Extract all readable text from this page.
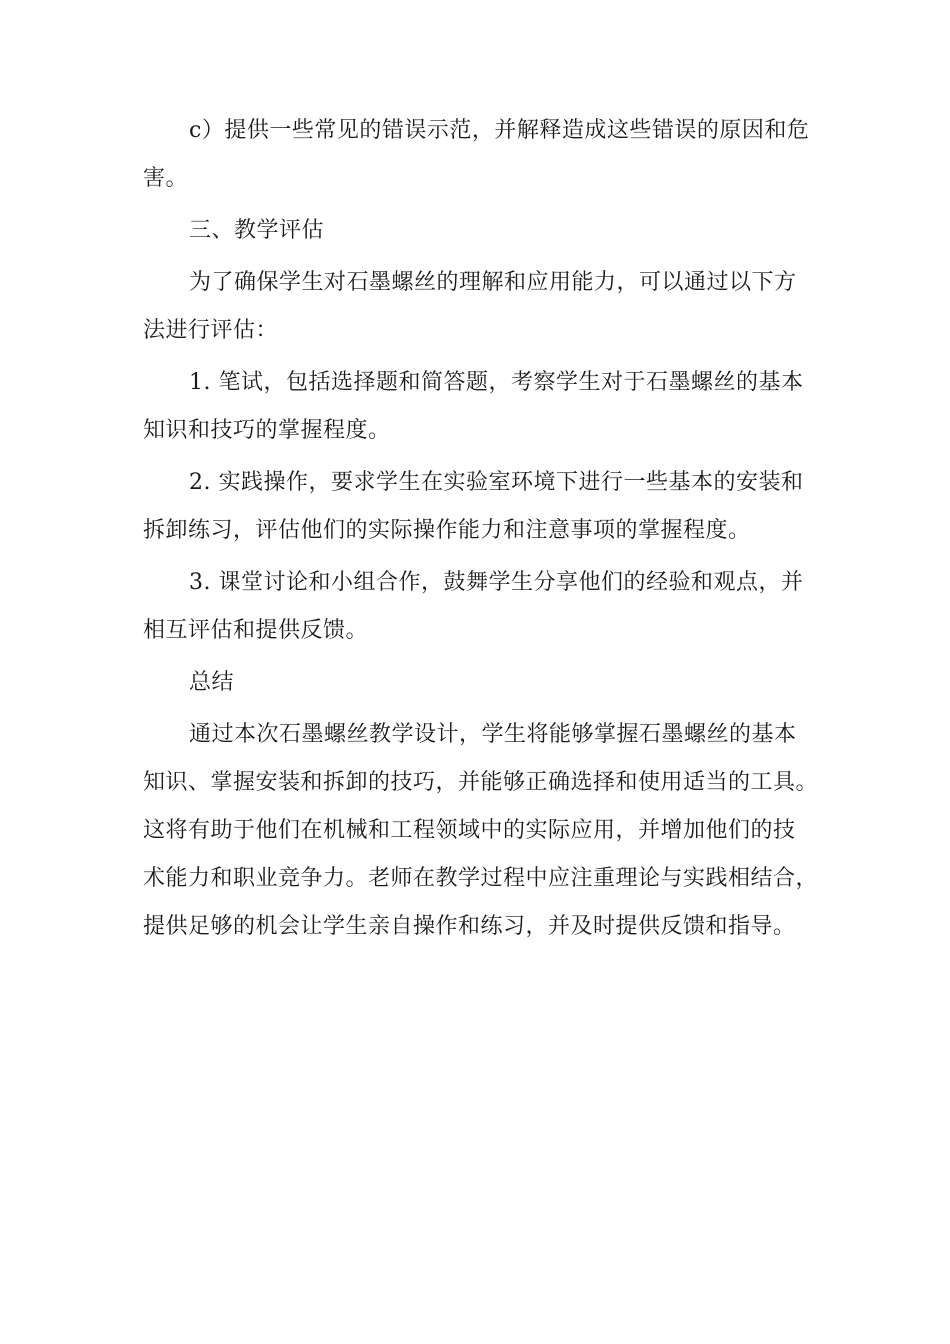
c）提供一些常见的错误示范，并解释造成这些错误的原因和危
害。
三、教学评估
为了确保学生对石墨螺丝的理解和应用能力，可以通过以下方
法进行评估：
1. 笔试，包括选择题和简答题，考察学生对于石墨螺丝的基本
知识和技巧的掌握程度。
2. 实践操作，要求学生在实验室环境下进行一些基本的安装和
拆卸练习，评估他们的实际操作能力和注意事项的掌握程度。
3. 课堂讨论和小组合作，鼓舞学生分享他们的经验和观点，并
相互评估和提供反馈。
总结
通过本次石墨螺丝教学设计，学生将能够掌握石墨螺丝的基本
知识、掌握安装和拆卸的技巧，并能够正确选择和使用适当的工具。
这将有助于他们在机械和工程领域中的实际应用，并增加他们的技
术能力和职业竞争力。老师在教学过程中应注重理论与实践相结合，
提供足够的机会让学生亲自操作和练习，并及时提供反馈和指导。
